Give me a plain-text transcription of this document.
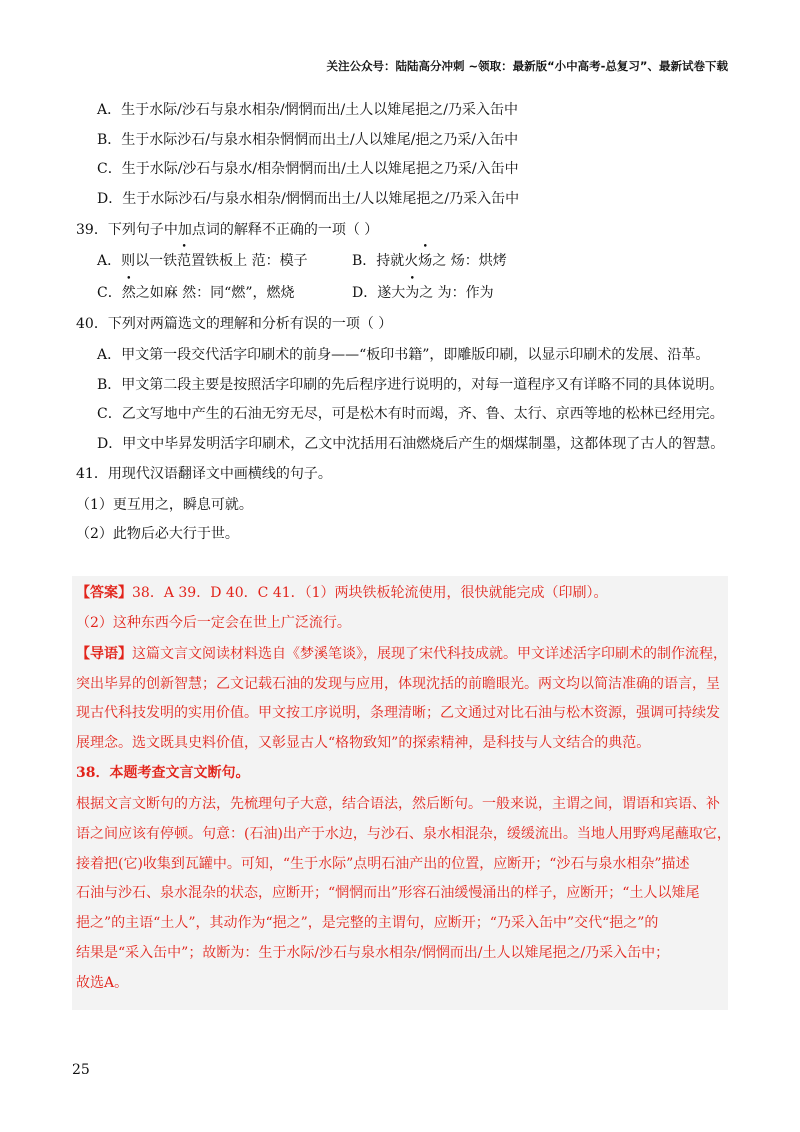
关注公众号：陆陆高分冲刺 ~领取：最新版“小中高考-总复习”、最新试卷下载
A．生于水际/沙石与泉水相杂/惘惘而出/土人以雉尾挹之/乃采入缶中
B．生于水际沙石/与泉水相杂惘惘而出土/人以雉尾/挹之乃采/入缶中
C．生于水际/沙石与泉水/相杂惘惘而出/土人以雉尾挹之乃采/入缶中
D．生于水际沙石/与泉水相杂/惘惘而出土/人以雉尾挹之/乃采入缶中
39．下列句子中加点词的解释不正确的一项（ ）
A．则以一铁范置铁板上 范：模子	B．持就火炀之 炀：烘烤
C．然之如麻 然：同“燃”，燃烧	D．遂大为之 为：作为
40．下列对两篇选文的理解和分析有误的一项（ ）
A．甲文第一段交代活字印刷术的前身——“板印书籍”，即雕版印刷，以显示印刷术的发展、沿革。
B．甲文第二段主要是按照活字印刷的先后程序进行说明的，对每一道程序又有详略不同的具体说明。
C．乙文写地中产生的石油无穷无尽，可是松木有时而竭，齐、鲁、太行、京西等地的松林已经用完。
D．甲文中毕昇发明活字印刷术，乙文中沈括用石油燃烧后产生的烟煤制墨，这都体现了古人的智慧。
41．用现代汉语翻译文中画横线的句子。
（1）更互用之，瞬息可就。
（2）此物后必大行于世。
【答案】38．A 39．D 40．C 41．（1）两块铁板轮流使用，很快就能完成（印刷）。
（2）这种东西今后一定会在世上广泛流行。
【导语】这篇文言文阅读材料选自《梦溪笔谈》，展现了宋代科技成就。甲文详述活字印刷术的制作流程，
突出毕昇的创新智慧；乙文记载石油的发现与应用，体现沈括的前瞻眼光。两文均以简洁准确的语言，呈
现古代科技发明的实用价值。甲文按工序说明，条理清晰；乙文通过对比石油与松木资源，强调可持续发
展理念。选文既具史料价值，又彰显古人“格物致知”的探索精神，是科技与人文结合的典范。
38．本题考查文言文断句。
根据文言文断句的方法，先梳理句子大意，结合语法，然后断句。一般来说，主谓之间，谓语和宾语、补
语之间应该有停顿。句意：(石油)出产于水边，与沙石、泉水相混杂，缓缓流出。当地人用野鸡尾蘸取它，
接着把(它)收集到瓦罐中。可知，“生于水际”点明石油产出的位置，应断开；“沙石与泉水相杂”描述
石油与沙石、泉水混杂的状态，应断开；“惘惘而出”形容石油缓慢涌出的样子，应断开；“土人以雉尾
挹之”的主语“土人”，其动作为“挹之”，是完整的主谓句，应断开；“乃采入缶中”交代“挹之”的
结果是“采入缶中”；故断为：生于水际/沙石与泉水相杂/惘惘而出/土人以雉尾挹之/乃采入缶中；
故选A。
25
